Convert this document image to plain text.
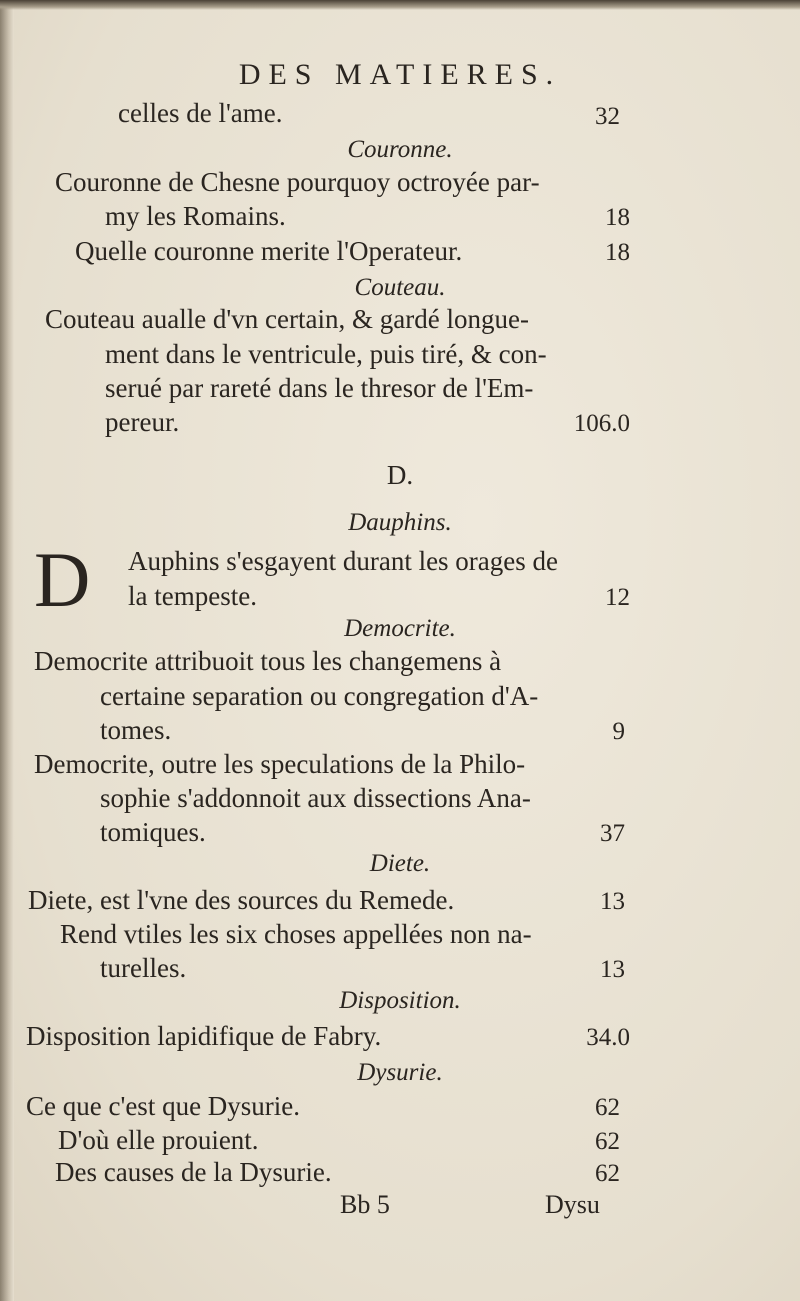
DES MATIERES.
celles de l'ame.	32
Couronne.
Couronne de Chesne pourquoy octroyée par-
my les Romains.	18
Quelle couronne merite l'Operateur.	18
Couteau.
Couteau aualle d'vn certain, & gardé longue-
ment dans le ventricule, puis tiré, & con-
serué par rareté dans le thresor de l'Em-
pereur.	106.0
D.
Dauphins.
D Auphins s'esgayent durant les orages de
la tempeste.	12
Democrite.
Democrite attribuoit tous les changemens à
certaine separation ou congregation d'A-
tomes.	9
Democrite, outre les speculations de la Philo-
sophie s'addonnoit aux dissections Ana-
tomiques.	37
Diete.
Diete, est l'vne des sources du Remede.	13
Rend vtiles les six choses appellées non na-
turelles.	13
Disposition.
Disposition lapidifique de Fabry.	34.0
Dysurie.
Ce que c'est que Dysurie.	62
D'où elle prouient.	62
Des causes de la Dysurie.	62
Bb 5	Dysu
